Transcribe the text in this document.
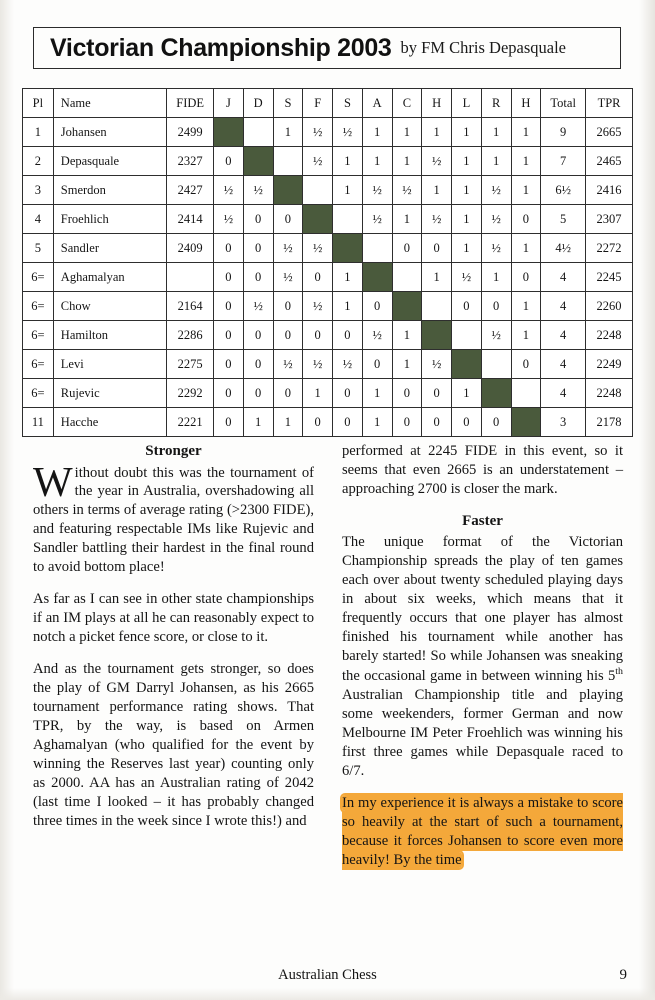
Victorian Championship 2003 by FM Chris Depasquale
Pl	Name	FIDE	J	D	S	F	S	A	C	H	L	R	H	Total	TPR
1	Johansen	2499			1	½	½	1	1	1	1	1	1	9	2665
2	Depasquale	2327	0			½	1	1	1	½	1	1	1	7	2465
3	Smerdon	2427	½	½			1	½	½	1	1	½	1	6½	2416
4	Froehlich	2414	½	0	0			½	1	½	1	½	0	5	2307
5	Sandler	2409	0	0	½	½			0	0	1	½	1	4½	2272
6=	Aghamalyan		0	0	½	0	1			1	½	1	0	4	2245
6=	Chow	2164	0	½	0	½	1	0			0	0	1	4	2260
6=	Hamilton	2286	0	0	0	0	0	½	1			½	1	4	2248
6=	Levi	2275	0	0	½	½	½	0	1	½			0	4	2249
6=	Rujevic	2292	0	0	0	1	0	1	0	0	1			4	2248
11	Hacche	2221	0	1	1	0	0	1	0	0	0	0		3	2178
Stronger

Without doubt this was the tournament of the year in Australia, overshadowing all others in terms of average rating (>2300 FIDE), and featuring respectable IMs like Rujevic and Sandler battling their hardest in the final round to avoid bottom place!

As far as I can see in other state championships if an IM plays at all he can reasonably expect to notch a picket fence score, or close to it.

And as the tournament gets stronger, so does the play of GM Darryl Johansen, as his 2665 tournament performance rating shows. That TPR, by the way, is based on Armen Aghamalyan (who qualified for the event by winning the Reserves last year) counting only as 2000. AA has an Australian rating of 2042 (last time I looked – it has probably changed three times in the week since I wrote this!) and

performed at 2245 FIDE in this event, so it seems that even 2665 is an understatement – approaching 2700 is closer the mark.

Faster

The unique format of the Victorian Championship spreads the play of ten games each over about twenty scheduled playing days in about six weeks, which means that it frequently occurs that one player has almost finished his tournament while another has barely started! So while Johansen was sneaking the occasional game in between winning his 5th Australian Championship title and playing some weekenders, former German and now Melbourne IM Peter Froehlich was winning his first three games while Depasquale raced to 6/7.

In my experience it is always a mistake to score so heavily at the start of such a tournament, because it forces Johansen to score even more heavily! By the time

Australian Chess	9
